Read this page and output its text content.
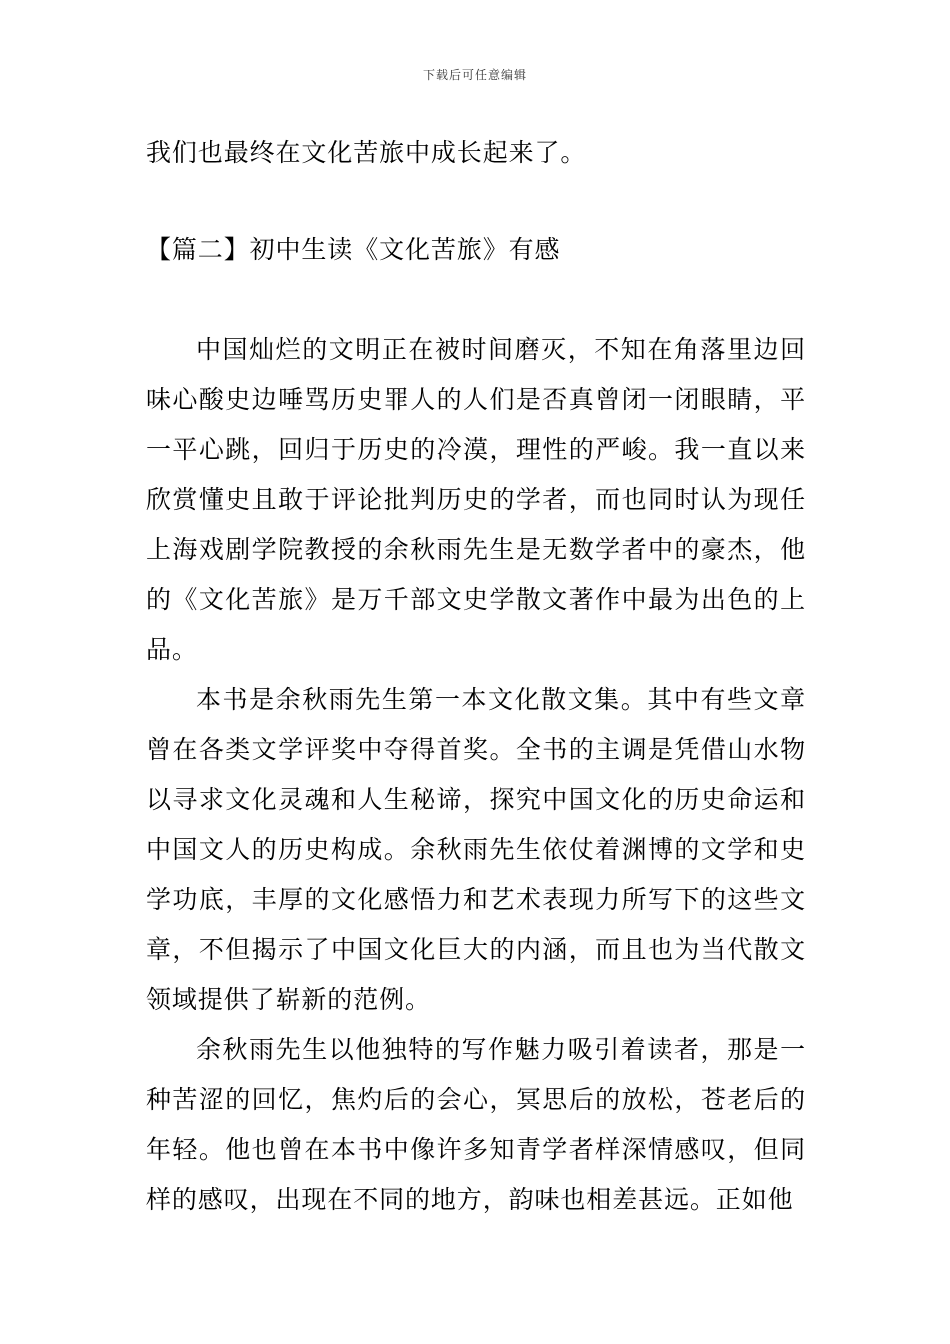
下载后可任意编辑
我们也最终在文化苦旅中成长起来了。
【篇二】初中生读《文化苦旅》有感

中国灿烂的文明正在被时间磨灭，不知在角落里边回味心酸史边唾骂历史罪人的人们是否真曾闭一闭眼睛，平一平心跳，回归于历史的冷漠，理性的严峻。我一直以来欣赏懂史且敢于评论批判历史的学者，而也同时认为现任上海戏剧学院教授的余秋雨先生是无数学者中的豪杰，他的《文化苦旅》是万千部文史学散文著作中最为出色的上品。

本书是余秋雨先生第一本文化散文集。其中有些文章曾在各类文学评奖中夺得首奖。全书的主调是凭借山水物以寻求文化灵魂和人生秘谛，探究中国文化的历史命运和中国文人的历史构成。余秋雨先生依仗着渊博的文学和史学功底，丰厚的文化感悟力和艺术表现力所写下的这些文章，不但揭示了中国文化巨大的内涵，而且也为当代散文领域提供了崭新的范例。

余秋雨先生以他独特的写作魅力吸引着读者，那是一种苦涩的回忆，焦灼后的会心，冥思后的放松，苍老后的年轻。他也曾在本书中像许多知青学者样深情感叹，但同样的感叹，出现在不同的地方，韵味也相差甚远。正如他
